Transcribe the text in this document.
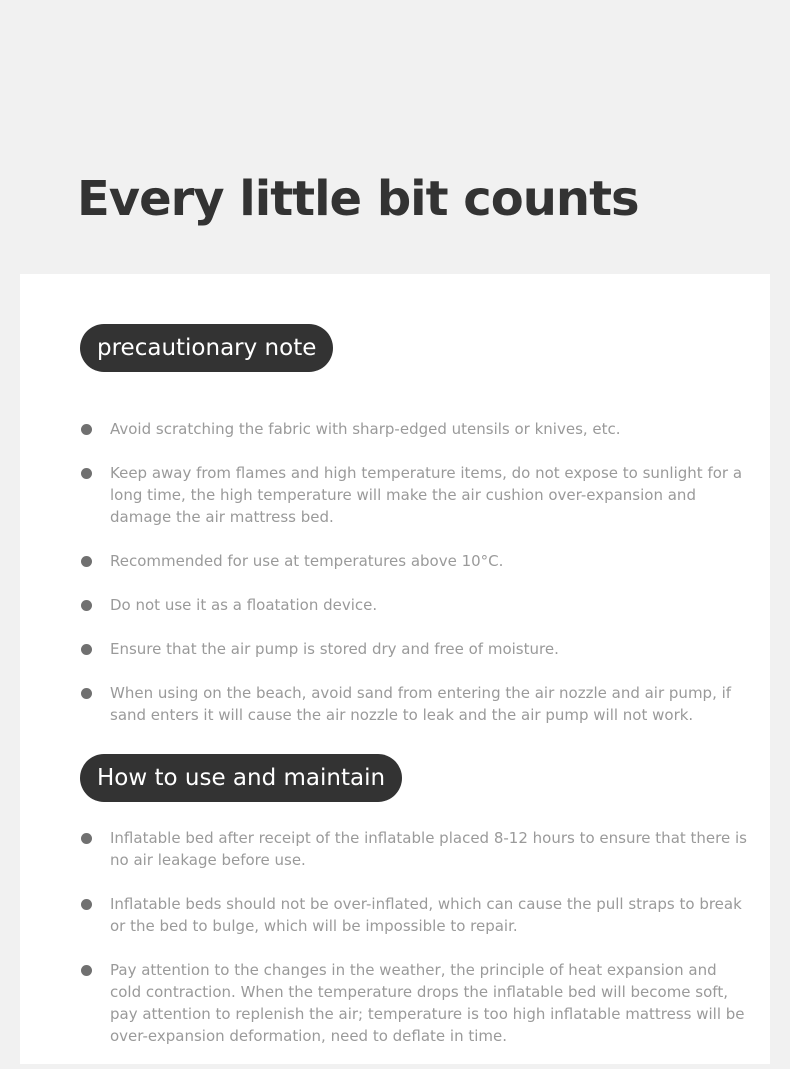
Every little bit counts
precautionary note
Avoid scratching the fabric with sharp-edged utensils or knives, etc.
Keep away from flames and high temperature items, do not expose to sunlight for a long time, the high temperature will make the air cushion over-expansion and damage the air mattress bed.
Recommended for use at temperatures above 10°C.
Do not use it as a floatation device.
Ensure that the air pump is stored dry and free of moisture.
When using on the beach, avoid sand from entering the air nozzle and air pump, if sand enters it will cause the air nozzle to leak and the air pump will not work.
How to use and maintain
Inflatable bed after receipt of the inflatable placed 8-12 hours to ensure that there is no air leakage before use.
Inflatable beds should not be over-inflated, which can cause the pull straps to break or the bed to bulge, which will be impossible to repair.
Pay attention to the changes in the weather, the principle of heat expansion and cold contraction. When the temperature drops the inflatable bed will become soft, pay attention to replenish the air; temperature is too high inflatable mattress will be over-expansion deformation, need to deflate in time.
